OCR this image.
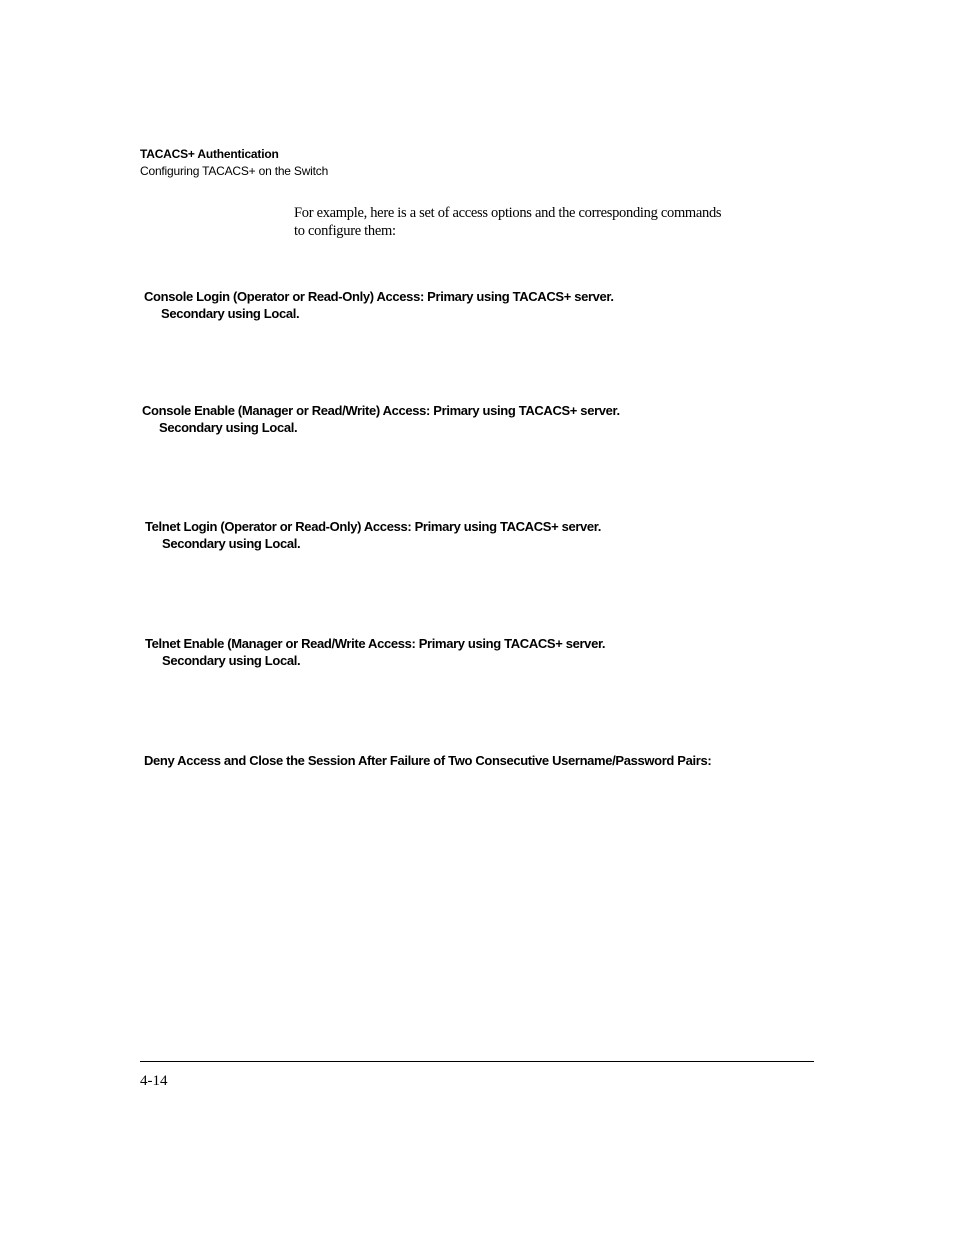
TACACS+ Authentication
Configuring TACACS+ on the Switch

For example, here is a set of access options and the corresponding commands
to configure them:

Console Login (Operator or Read-Only) Access: Primary using TACACS+ server.
Secondary using Local.
Console Enable (Manager or Read/Write) Access: Primary using TACACS+ server.
Secondary using Local.
Telnet Login (Operator or Read-Only) Access: Primary using TACACS+ server.
Secondary using Local.
Telnet Enable (Manager or Read/Write Access: Primary using TACACS+ server.
Secondary using Local.
Deny Access and Close the Session After Failure of Two Consecutive Username/Password Pairs:
4-14
